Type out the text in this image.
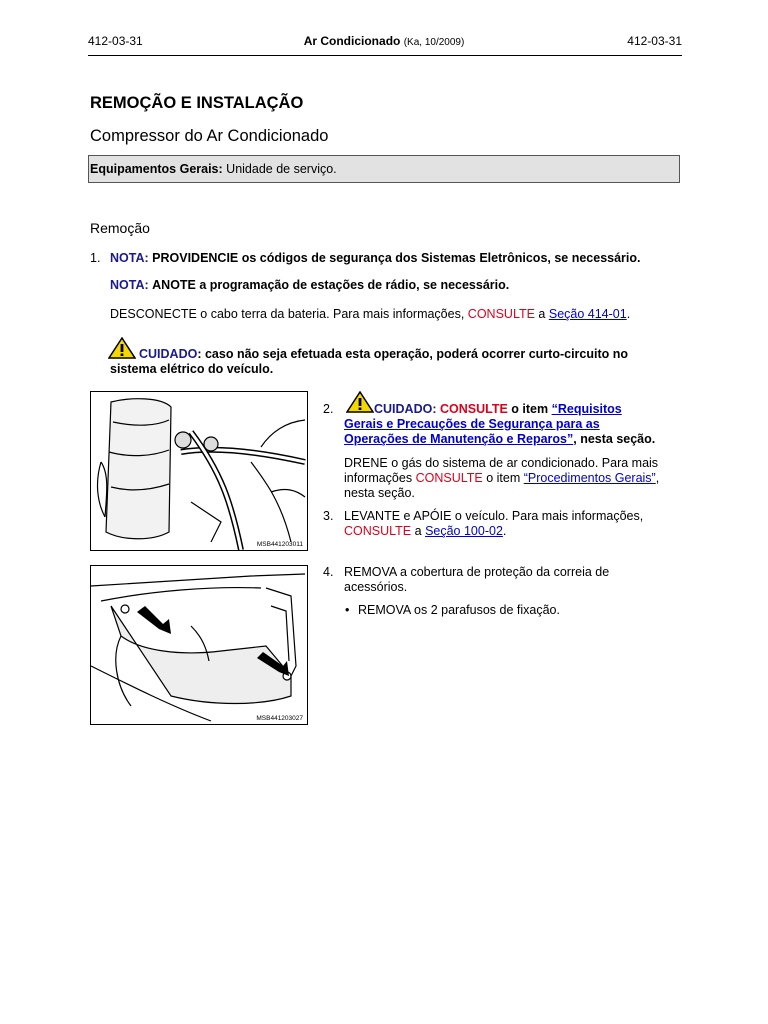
412-03-31	Ar Condicionado (Ka, 10/2009)	412-03-31
REMOÇÃO E INSTALAÇÃO
Compressor do Ar Condicionado
Equipamentos Gerais: Unidade de serviço.
Remoção
1. NOTA: PROVIDENCIE os códigos de segurança dos Sistemas Eletrônicos, se necessário.
NOTA: ANOTE a programação de estações de rádio, se necessário.
DESCONECTE o cabo terra da bateria. Para mais informações, CONSULTE a Seção 414-01.
CUIDADO: caso não seja efetuada esta operação, poderá ocorrer curto-circuito no
sistema elétrico do veículo.
MSB441203011
2.	CUIDADO: CONSULTE o item “Requisitos
Gerais e Precauções de Segurança para as
Operações de Manutenção e Reparos”, nesta seção.
DRENE o gás do sistema de ar condicionado. Para mais
informações CONSULTE o item “Procedimentos Gerais”,
nesta seção.
3. LEVANTE e APÓIE o veículo. Para mais informações,
CONSULTE a Seção 100-02.
MSB441203027
4. REMOVA a cobertura de proteção da correia de
acessórios.
• REMOVA os 2 parafusos de fixação.
